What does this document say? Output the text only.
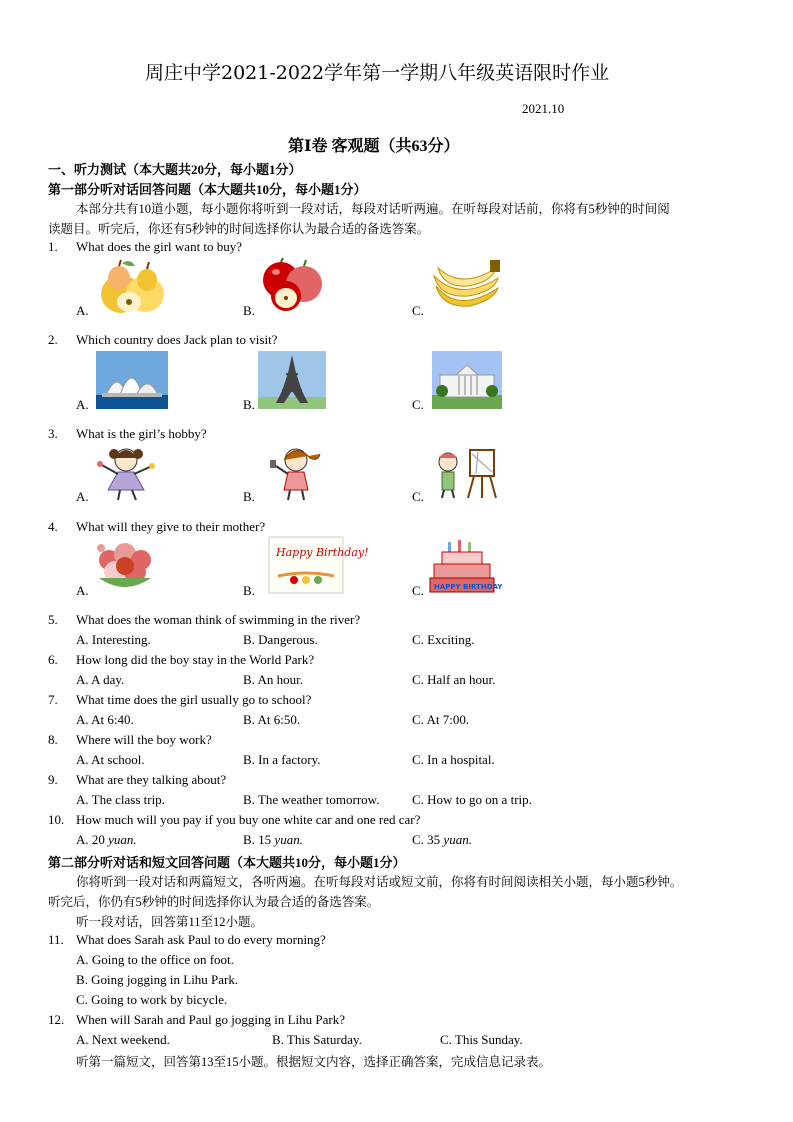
周庄中学2021-2022学年第一学期八年级英语限时作业
2021.10
第Ⅰ卷 客观题（共63分）
一、听力测试（本大题共20分，每小题1分）
第一部分听对话回答问题（本大题共10分，每小题1分）
本部分共有10道小题，每小题你将听到一段对话，每段对话听两遍。在听每段对话前，你将有5秒钟的时间阅
读题目。听完后，你还有5秒钟的时间选择你认为最合适的备选答案。
1. What does the girl want to buy?
A.	B.	C.
2. Which country does Jack plan to visit?
A.	B.	C.
3. What is the girl’s hobby?
A.	B.	C.
4. What will they give to their mother?
A.	B.	C.
Happy Birthday!
HAPPY BIRTHDAY
5. What does the woman think of swimming in the river?
A. Interesting.	B. Dangerous.	C. Exciting.
6. How long did the boy stay in the World Park?
A. A day.	B. An hour.	C. Half an hour.
7. What time does the girl usually go to school?
A. At 6:40.	B. At 6:50.	C. At 7:00.
8. Where will the boy work?
A. At school.	B. In a factory.	C. In a hospital.
9. What are they talking about?
A. The class trip.	B. The weather tomorrow.	C. How to go on a trip.
10. How much will you pay if you buy one white car and one red car?
A. 20 yuan.	B. 15 yuan.	C. 35 yuan.
第二部分听对话和短文回答问题（本大题共10分，每小题1分）
你将听到一段对话和两篇短文，各听两遍。在听每段对话或短文前，你将有时间阅读相关小题，每小题5秒钟。
听完后，你仍有5秒钟的时间选择你认为最合适的备选答案。
听一段对话，回答第11至12小题。
11. What does Sarah ask Paul to do every morning?
A. Going to the office on foot.
B. Going jogging in Lihu Park.
C. Going to work by bicycle.
12. When will Sarah and Paul go jogging in Lihu Park?
A. Next weekend.	B. This Saturday.	C. This Sunday.
听第一篇短文，回答第13至15小题。根据短文内容，选择正确答案，完成信息记录表。
